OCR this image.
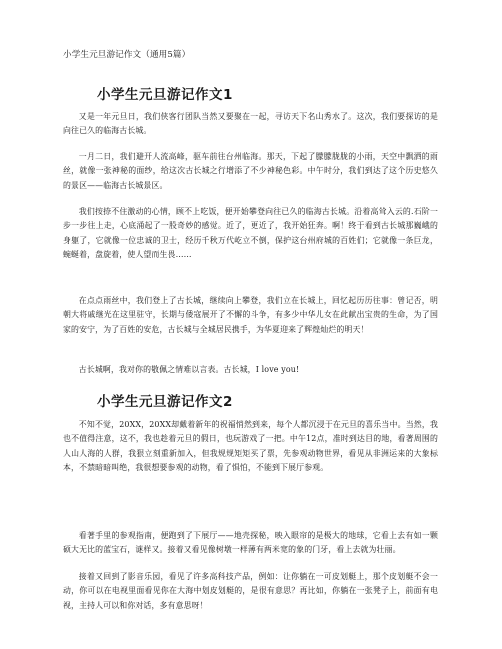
小学生元旦游记作文（通用5篇）
小学生元旦游记作文1

又是一年元旦日，我们侠客行团队当然又要聚在一起，寻访天下名山秀水了。这次，我们要探访的是向往已久的临海古长城。

一月二日，我们避开人流高峰，驱车前往台州临海。那天，下起了朦朦胧胧的小雨，天空中飘洒的雨丝，就像一张神秘的面纱，给这次古长城之行增添了不少神秘色彩。中午时分，我们到达了这个历史悠久的景区——临海古长城景区。

我们按捺不住激动的心情，顾不上吃饭，便开始攀登向往已久的临海古长城。沿着高耸入云的.石阶一步一步往上走，心底涌起了一股奇妙的感觉。近了，更近了，我开始狂奔。啊！终于看到古长城那巍峨的身躯了，它就像一位忠诚的卫士，经历千秋万代屹立不倒，保护这台州府城的百姓们；它就像一条巨龙，蜿蜒着，盘旋着，使人望而生畏……

在点点雨丝中，我们登上了古长城，继续向上攀登，我们立在长城上，回忆起历历往事：曾记否，明朝大将戚继光在这里驻守，长期与倭寇展开了不懈的斗争，有多少中华儿女在此献出宝贵的生命，为了国家的安宁，为了百姓的安危，古长城与全城居民携手，为华夏迎来了辉煌灿烂的明天！

古长城啊，我对你的敬佩之情难以言表。古长城，I love you!

小学生元旦游记作文2

不知不觉，20XX，20XX却戴着新年的祝福悄然到来，每个人都沉浸于在元旦的喜乐当中。当然，我也不值得注意，这不，我也趁着元旦的假日，也玩游戏了一把。中午12点，准时到达目的地，看著周围的人山人海的人群，我狠立刻重新加入，但我规规矩矩买了票，先参观动物世界，看见从非洲运来的大象标本，不禁暗暗叫绝，我很想要参观的动物，看了惧怕，不能到下展厅参观。

看著手里的参观指南，便跑到了下展厅——地壳探秘，映入眼帘的是极大的地球，它看上去有如一颗硕大无比的蓝宝石，谜样又。接着又看见像树墩一样薄有两米宽的象的门牙，看上去就为壮丽。

接着又回到了影音乐园，看见了许多高科技产品，例如：让你躺在一可皮划艇上，那个皮划艇不会一动，你可以在电视里面看见你在大海中划皮划艇的，是很有意思？再比如，你躺在一张凳子上，前面有电视，主持人可以和你对话，多有意思呀！
